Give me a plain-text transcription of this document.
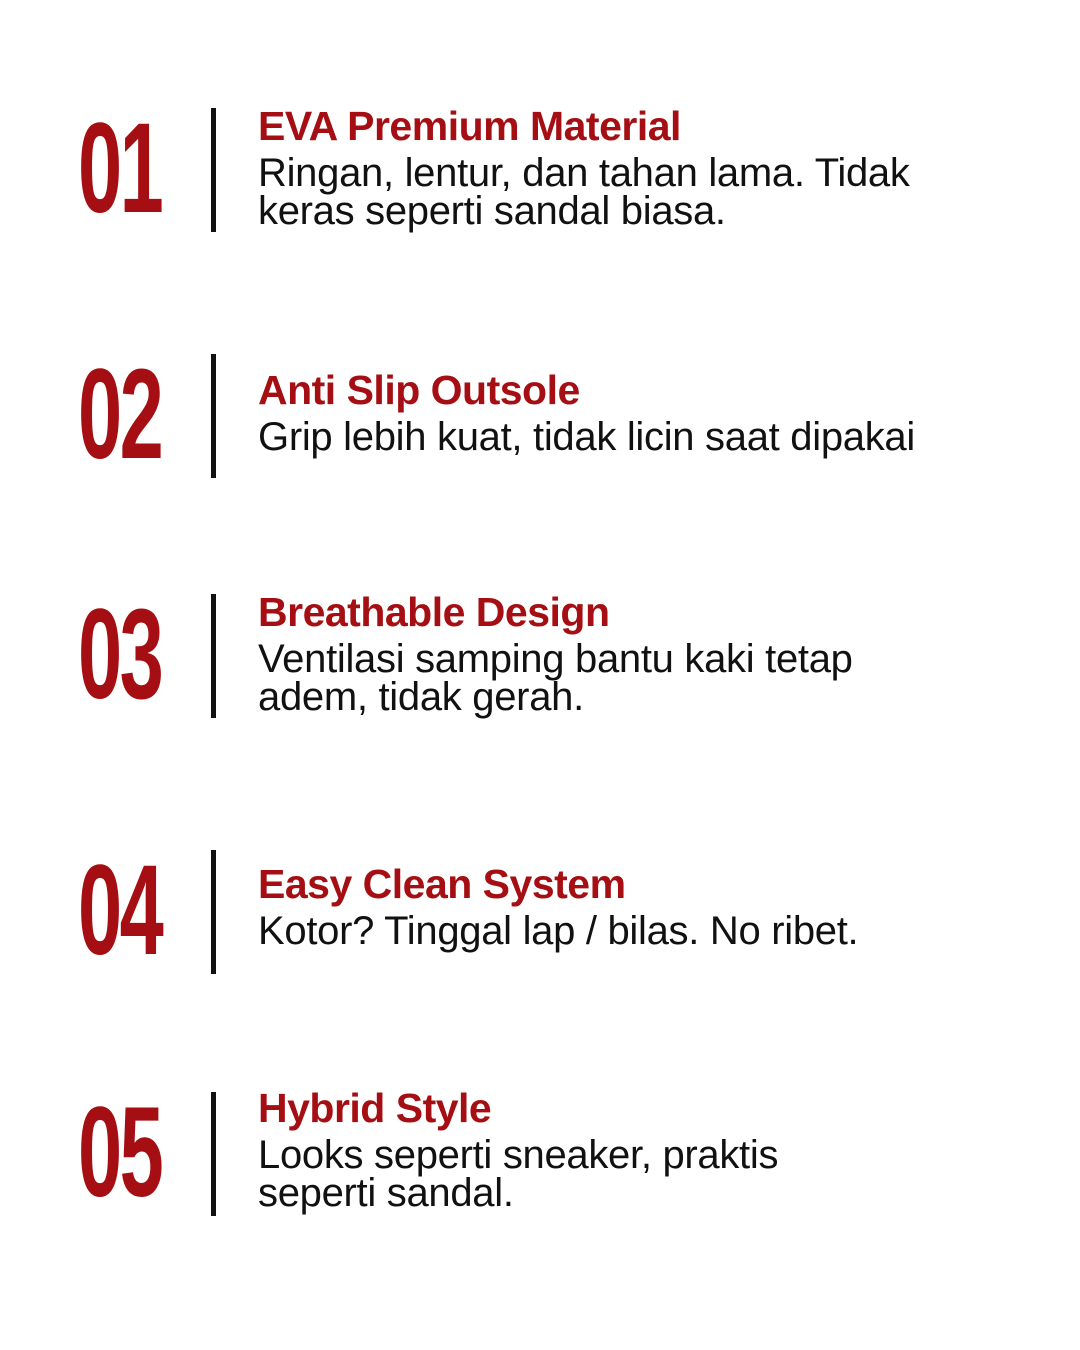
01 EVA Premium Material
Ringan, lentur, dan tahan lama. Tidak
keras seperti sandal biasa.
02 Anti Slip Outsole
Grip lebih kuat, tidak licin saat dipakai
03 Breathable Design
Ventilasi samping bantu kaki tetap
adem, tidak gerah.
04 Easy Clean System
Kotor? Tinggal lap / bilas. No ribet.
05 Hybrid Style
Looks seperti sneaker, praktis
seperti sandal.
